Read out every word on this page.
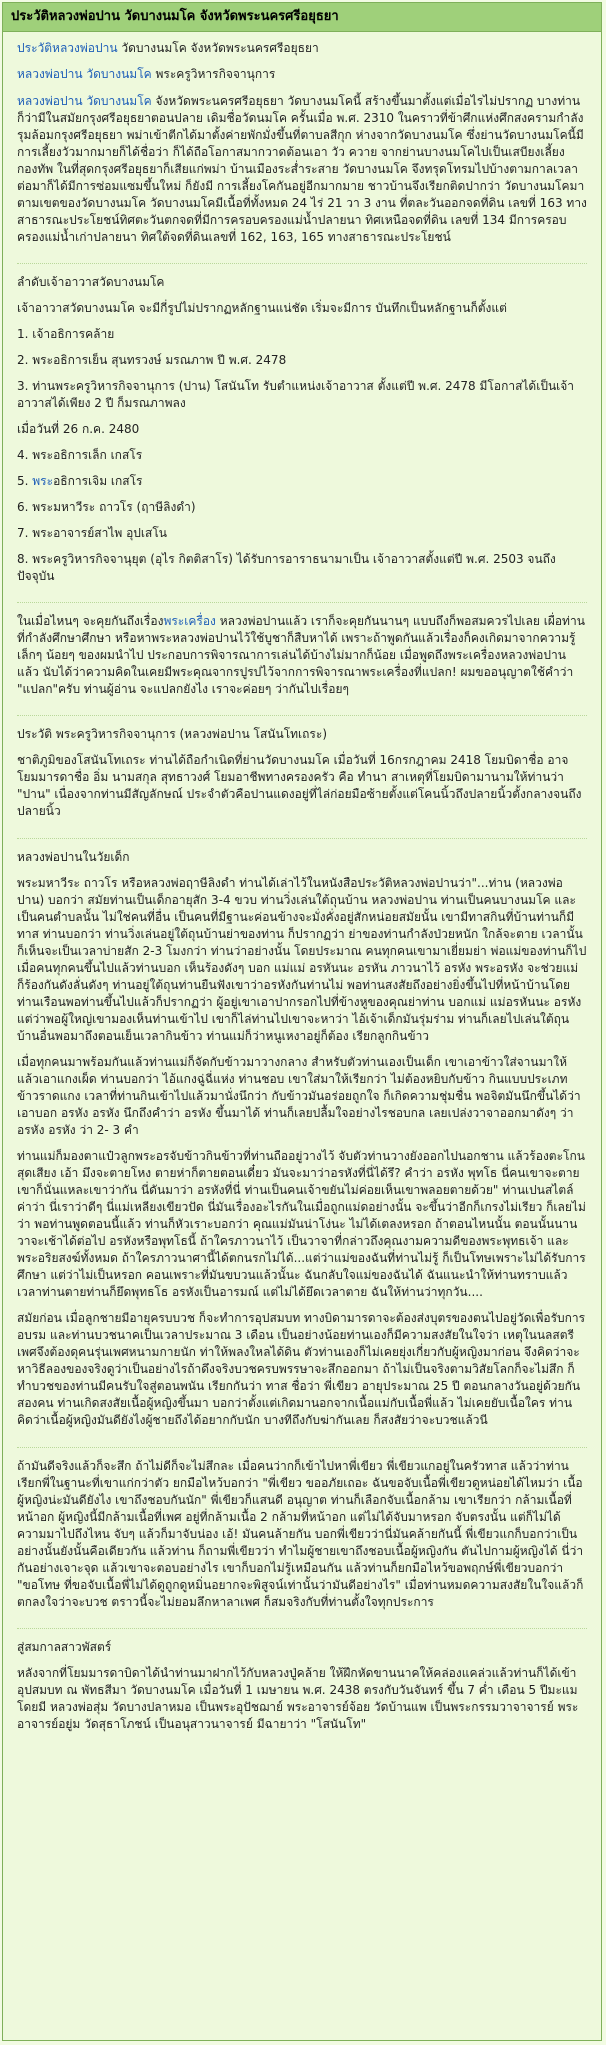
ประวัติหลวงพ่อปาน วัดบางนมโค จังหวัดพระนครศรีอยุธยา

ประวัติหลวงพ่อปาน วัดบางนมโค จังหวัดพระนครศรีอยุธยา

หลวงพ่อปาน วัดบางนมโค พระครูวิหารกิจจานุการ

หลวงพ่อปาน วัดบางนมโค จังหวัดพระนครศรีอยุธยา วัดบางนมโคนี้ สร้างขึ้นมาตั้งแต่เมื่อไรไม่ปรากฏ บางท่านก็ว่ามีในสมัยกรุงศรีอยุธยาตอนปลาย เดิมชื่อวัดนมโค ครั้นเมื่อ พ.ศ. 2310 ในคราวที่ข้าศึกแห่งศึกสงครามกำลังรุมล้อมกรุงศรีอยุธยา พม่าเข้าตีกได้มาตั้งค่ายพักมั่งขึ้นที่ตาบลสีกุก ห่างจากวัดบางนมโค ซึ่งย่านวัดบางนมโคนี้มีการเลี้ยงวัวมากมายก็ได้ชื่อว่า ก็ได้ถือโอกาสมากวาดต้อนเอา วัว ควาย จากย่านบางนมโคไปเป็นเสบียงเลี้ยงกองทัพ ในที่สุดกรุงศรีอยุธยาก็เสียแก่พม่า บ้านเมืองระส่ำระสาย วัดบางนมโค จึงทรุดโทรมไปบ้างตามกาลเวลา ต่อมาก็ได้มีการซ่อมแซมขึ้นใหม่ ก็ยังมี การเลี้ยงโคกันอยู่อีกมากมาย ชาวบ้านจึงเรียกติดปากว่า วัดบางนมโคมาตามเขตของวัดบางนมโค วัดบางนมโคมีเนื้อที่ทั้งหมด 24 ไร่ 21 วา 3 งาน ที่ตละวันออกจดที่ดิน เลขที่ 163 ทางสาธารณะประโยชน์ทิศตะวันตกจดที่มีการครอบครองแม่น้ำปลายนา ทิศเหนือจดที่ดิน เลขที่ 134 มีการครอบครองแม่น้ำเก่าปลายนา ทิศใต้จดที่ดินเลขที่ 162, 163, 165 ทางสาธารณะประโยชน์

ลำดับเจ้าอาวาสวัดบางนมโค

เจ้าอาวาสวัดบางนมโค จะมีกี่รูปไม่ปรากฏหลักฐานแน่ชัด เริ่มจะมีการ บันทึกเป็นหลักฐานก็ตั้งแต่

1. เจ้าอธิการคล้าย

2. พระอธิการเย็น สุนทรวงษ์ มรณภาพ ปี พ.ศ. 2478

3. ท่านพระครูวิหารกิจจานุการ (ปาน) โสนันโท รับตำแหน่งเจ้าอาวาส ตั้งแต่ปี พ.ศ. 2478 มีโอกาสได้เป็นเจ้าอาวาสได้เพียง 2 ปี ก็มรณภาพลง

เมื่อวันที่ 26 ก.ค. 2480

4. พระอธิการเล็ก เกสโร

5. พระอธิการเจิม เกสโร

6. พระมหาวีระ ถาวโร (ฤาษีลิงดำ)

7. พระอาจารย์สาไพ อุปเสโน

8. พระครูวิหารกิจจานุยุต (อุไร กิตติสาโร) ได้รับการอาราธนามาเป็น เจ้าอาวาสตั้งแต่ปี พ.ศ. 2503 จนถึงปัจจุบัน

ในเมื่อไหนๆ จะคุยกันถึงเรื่องพระเครื่อง หลวงพ่อปานแล้ว เราก็จะคุยกันนานๆ แบบถึงก็พอสมควรไปเลย เผื่อท่านที่กำลังศึกษาศึกษา หรือหาพระหลวงพ่อปานไว้ใช้บูชาก็สืบหาได้ เพราะถ้าพูดกันแล้วเรื่องก็คงเกิดมาจากความรู้เล็กๆ น้อยๆ ของผมนำไป ประกอบการพิจารณาการเล่นได้บ้างไม่มากก็น้อย เมื่อพูดถึงพระเครื่องหลวงพ่อปานแล้ว นับได้ว่าความคิดในเคยมีพระคุณจากรปูรปไว้จากการพิจารณาพระเครื่องที่แปลก! ผมขออนุญาตใช้คำว่า "แปลก"ครับ ท่านผู้อ่าน จะแปลกยังไง เราจะค่อยๆ ว่ากันไปเรื่อยๆ

ประวัติ พระครูวิหารกิจจานุการ (หลวงพ่อปาน โสนันโทเถระ)

ชาติภูมิของโสนันโทเถระ ท่านได้ถือกำเนิดที่ย่านวัดบางนมโค เมื่อวันที่ 16กรกฎาคม 2418 โยมบิดาชื่อ อาจ โยมมารดาชื่อ อิ่ม นามสกุล สุทธาวงศ์ โยมอาชีพทางครองครัว คือ ทำนา สาเหตุที่โยมบิดามานามให้ท่านว่า "ปาน" เนื่องจากท่านมีสัญลักษณ์ ประจำตัวคือปานแดงอยู่ที่ไล่ก่อยมือซ้ายตั้งแต่โคนนิ้วถึงปลายนิ้วตั้งกลางจนถึงปลายนิ้ว

หลวงพ่อปานในวัยเด็ก

พระมหาวีระ ถาวโร หรือหลวงพ่อฤาษีลิงดำ ท่านได้เล่าไว้ในหนังสือประวัติหลวงพ่อปานว่า"...ท่าน (หลวงพ่อปาน) บอกว่า สมัยท่านเป็นเด็กอายุสัก 3-4 ขวบ ท่านวิ่งเล่นใต้ถุนบ้าน หลวงพ่อปาน ท่านเป็นคนบางนมโค และเป็นคนตำบลนั้น ไม่ใช่คนที่อื่น เป็นคนที่มีฐานะค่อนข้างจะมั่งคั่งอยู่สักหน่อยสมัยนั้น เขามีทาสกินที่บ้านท่านก็มีทาส ท่านบอกว่า ท่านวิ่งเล่นอยู่ใต้ถุนบ้านย่าของท่าน ก็ปรากฏว่า ย่าของท่านกำลังป่วยหนัก ใกล้จะตาย เวลานั้นก็เห็นจะเป็นเวลาบ่ายสัก 2-3 โมงกว่า ท่านว่าอย่างนั้น โดยประมาณ คนทุกคนเขามาเยี่ยมย่า พ่อแม่ของท่านก็ไป เมื่อคนทุกคนขึ้นไปแล้วท่านบอก เห็นร้องดังๆ บอก แม่แม่ อรหันนะ อรหัน ภาวนาไว้ อรหัง พระอรหัง จะช่วยแม่ ก็ร้องกันดังลั่นดังๆ ท่านอยู่ใต้ถุนท่านยืนฟังเขาว่าอรหังกันท่านไม่ พอท่านสงสัยถึงอย่างยิ่งขึ้นไปที่หน้าบ้านโดยท่านเรือนพอท่านขึ้นไปแล้วก็ปรากฏว่า ผู้อยู่เขาเอาปากรอกไปที่ข้างหูของคุณย่าท่าน บอกแม่ แม่อรหันนะ อรหัง แต่ว่าพอผู้ใหญ่เขามองเห็นท่านเข้าไป เขาก็ไล่ท่านไปเขาจะหาว่า ไอ้เจ้าเด็กมันรุ่มร่าม ท่านก็เลยไปเล่นใต้ถุนบ้านอื่นพอมาถึงตอนเย็นเวลากินข้าว ท่านแม่ก็ว่าหนูเหงาอยู่ก็ต้อง เรียกลูกกินข้าว

เมื่อทุกคนมาพร้อมกันแล้วท่านแม่ก็จัดกับข้าวมาวางกลาง สำหรับตัวท่านเองเป็นเด็ก เขาเอาข้าวใส่จานมาให้แล้วเอาแกงเผ็ด ท่านบอกว่า ไอ้แกงฉู่ฉี่แห่ง ท่านชอบ เขาใส่มาให้เรียกว่า ไม่ต้องหยิบกับข้าว กินแบบประเภทข้าวราดแกง เวลาที่ท่านกินเข้าไปแล้วมานั่งนึกว่า กับข้าวมันอร่อยถูกใจ ก็เกิดความชุ่มชื่น พอจิตมันนึกขึ้นได้ว่าเอาบอก อรหัง อรหัง นึกถึงคำว่า อรหัง ขึ้นมาได้ ท่านก็เลยปลื้มใจอย่างไรชอบกล เลยเปล่งวาจาออกมาดังๆ ว่า อรหัง อรหัง ว่า 2- 3 คำ

ท่านแม่ก็มองตาแป๋วลูกพระอรจับข้าวกินข้าวที่ท่านถืออยู่วางไว้ จับตัวท่านวางยังออกไปนอกชาน แล้วร้องตะโกนสุดเสียง เอ้า มึงจะตายโหง ตายห่าก็ตายตอนเดี๋ยว มันจะมาว่าอรหังที่นี่ได้รึ? คำว่า อรหัง พุทโธ นี่คนเขาจะตายเขาก็นั่นแหละเขาว่ากัน นี่ดันมาว่า อรหังที่นี่ ท่านเป็นคนเจ้าขยันไม่ค่อยเห็นเขาพลอยตายด้วย" ท่านเปนสไตล์ค่าว่า นี่เราว่าดีๆ นี่แม่เหลียงเขียวปัด นี่มันเรื่องอะไรกันในเมื่อถูกแม่ดอย่างนั้น จะขึ้นว่าอีกก็เกรงไม่เรียว ก็เลยไม่ว่า พอท่านพูดตอนนี้แล้ว ท่านก็หัวเราะบอกว่า คุณแม่มันน่าโง่นะ ไม่ได้เตลงหรอก ถ้าตอนไหนนั้น ตอนนั้นนานวาจะเช้าได้ต่อไป อรหังหรือพุทโธนี้ ถ้าใครภาวนาไว้ เป็นวาจาที่กล่าวถึงคุณงามความดีของพระพุทธเจ้า และพระอริยสงฆ์ทั้งหมด ถ้าใครภาวนาศานี้ได้ตกนรกไม่ได้...แต่ว่าแม่ของฉันที่ท่านไม่รู้ ก็เป็นโทษเพราะไม่ได้รับการศึกษา แต่ว่าไม่เป็นหรอก คอนเพราะที่มันขบวนแล้วนั้นะ ฉันกลับใจแม่ของฉันได้ ฉันแนะนำให้ท่านทราบแล้ว เวลาท่านตายท่านก็ยึดพุทธโธ อรหังเป็นอารมณ์ แต่ไม่ได้ยึดเวลาตาย ฉันให้ท่านว่าทุกวัน....

สมัยก่อน เมื่อลูกชายมีอายุครบบวช ก็จะทำการอุปสมบท ทางบิดามารดาจะต้องส่งบุตรของตนไปอยู่วัดเพื่อรับการอบรม และท่านบวชนาคเป็นเวลาประมาณ 3 เดือน เป็นอย่างน้อยท่านเองก็มีความสงสัยในใจว่า เหตุในนลสตรีเพศจึงต้องดุคนรุ่นเพศหนามกายนัก ท่าให้พลงใหลได้ดิน ตัวท่านเองก็ไม่เคยยุ่งเกี่ยวกับผู้หญิงมาก่อน จึงคิดว่าจะหาวิธีลองของจริงดูว่าเป็นอย่างไรถ้าดึงจริงบวชครบพรรษาจะสึกออกมา ถ้าไม่เป็นจริงตามวิสัยโลกก็จะไม่สึก ก็ทำบวชของท่านมีคนรับใจสู่ตอนพนัน เรียกกันว่า ทาส ชื่อว่า พี่เขียว อายุประมาณ 25 ปี ตอนกลางวันอยู่ด้วยกันสองคน ท่านเกิดสงสัยเนื้อผู้หญิงขึ้นมา บอกว่าตั้งแต่เกิดมานอกจากเนื้อแม่กับเนื้อพี่แล้ว ไม่เคยยับเนื้อใคร ท่านคิดว่าเนื้อผู้หญิงมันดียังไงผู้ชายถึงได้อยากกับนัก บางทีถึงกับฆ่ากันเลย ก็สงสัยว่าจะบวชแล้วนี

ถ้ามันดีจริงแล้วก็จะสึก ถ้าไม่ดีก็จะไม่สึกละ เมื่อคนว่ากก็เข้าไปหาพี่เขียว พี่เขียวแกอยู่ในครัวทาส แล้วว่าท่านเรียกพี่ในฐานะที่เขาแก่กว่าตัว ยกมือไหว้บอกว่า "พี่เขียว ขออภัยเถอะ ฉันขอจับเนื้อพี่เขียวดูหน่อยได้ไหมว่า เนื้อผู้หญิงน่ะมันดียังไง เขาถึงชอบกันนัก" พี่เขียวก็แสนดี อนุญาต ท่านก็เลือกจับเนื้อกล้าม เขาเรียกว่า กล้ามเนื้อที่หน้าอก ผู้หญิงนี้มีกล้ามเนื้อที่เพศ อยู่ที่กล้ามเนื้อ 2 กล้ามที่หน้าอก แต่ไม่ได้จับมาหรอก จับตรงนั้น แต่ก็ไม่ได้ความมาไปถึงไหน จับๆ แล้วก็มาจับน่อง เอ้! มันคนล้ายกัน บอกพี่เขียวว่านี่มันคล้ายกันนี้ พี่เขียวแกก็บอกว่าเป็นอย่างนั้นยังนั้นคือเดียวกัน แล้วท่าน ก็ถามพี่เขียวว่า ทำไมผู้ชายเขาถึงชอบเนื้อผู้หญิงกัน ตันไปกามผู้หญิงได้ นี่ว่ากันอย่างเจาะจุด แล้วเขาจะตอบอย่างไร เขาก็บอกไม่รู้เหมือนกัน แล้วท่านก็ยกมือไหว้ขอพฤกษ์พี่เขียวบอกว่า "ขอโทษ ที่ขอจับเนื้อพี่ไม่ได้ดูถูกดูหมิ่นอยากจะพิสูจน์เท่านั้นว่ามันดีอย่างไร" เมื่อท่านหมดความสงสัยในใจแล้วก็ตกลงใจว่าจะบวช ตราวนี้จะไม่ยอมลึกหาลาเพศ ก็สมจริงกับที่ท่านตั้งใจทุกประการ

สู่สมกาลสาวพัสตร์

หลังจากที่โยมมารดาบิดาได้นำท่านมาฝากไว้กับหลวงปู่คล้าย ให้ฝึกหัดขานนาคให้คล่องแคล่วแล้วท่านก็ได้เข้าอุปสมบท ณ พัทธสีมา วัดบางนมโค เมื่อวันที่ 1 เมษายน พ.ศ. 2438 ตรงกับวันจันทร์ ขึ้น 7 ค่ำ เดือน 5 ปีมะแม โดยมี หลวงพ่อสุ่ม วัดบางปลาหมอ เป็นพระอุปัชฌาย์ พระอาจารย์จ้อย วัดบ้านแพ เป็นพระกรรมวาจาจารย์ พระอาจารย์อยู่ม วัดสุธาโภชน์ เป็นอนุสาวนาจารย์ มีฉายาว่า "โสนันโท"
